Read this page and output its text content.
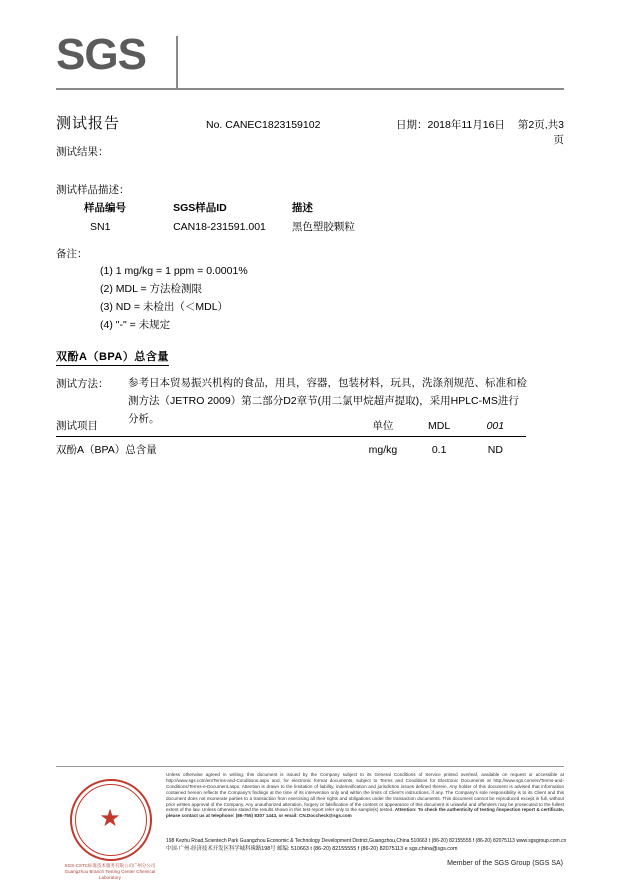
SGS
测试报告	No. CANEC1823159102	日期：2018年11月16日	第2页,共3页
测试结果：
测试样品描述：
样品编号	SGS样品ID	描述
SN1	CAN18-231591.001	黑色塑胶颗粒
备注：
(1) 1 mg/kg = 1 ppm = 0.0001%
(2) MDL = 方法检测限
(3) ND = 未检出（＜MDL）
(4) "-" = 未规定
双酚A（BPA）总含量
测试方法： 参考日本贸易振兴机构的食品，用具，容器，包装材料，玩具，洗涤剂规范、标准和检测方法（JETRO 2009）第二部分D2章节(用二氯甲烷超声提取)，采用HPLC-MS进行分析。
测试项目	单位	MDL	001
双酚A（BPA）总含量	mg/kg	0.1	ND
★
SGS-CSTC标准技术服务有限公司广州分公司
Guangzhou Branch Testing Center Chemical Laboratory
Unless otherwise agreed in writing, this document is issued by the Company subject to its General Conditions of Service printed overleaf, available on request or accessible at http://www.sgs.com/en/Terms-and-Conditions.aspx and, for electronic format documents, subject to Terms and Conditions for Electronic Documents at http://www.sgs.com/en/Terms-and-Conditions/Terms-e-Document.aspx. Attention is drawn to the limitation of liability, indemnification and jurisdiction issues defined therein. Any holder of this document is advised that information contained hereon reflects the Company's findings at the time of its intervention only and within the limits of Client's instructions, if any. The Company's sole responsibility is to its Client and this document does not exonerate parties to a transaction from exercising all their rights and obligations under the transaction documents. This document cannot be reproduced except in full, without prior written approval of the Company. Any unauthorized alteration, forgery or falsification of the content or appearance of this document is unlawful and offenders may be prosecuted to the fullest extent of the law. Unless otherwise stated the results shown in this test report refer only to the sample(s) tested. Attention: To check the authenticity of testing /inspection report & certificate, please contact us at telephone: (86-755) 8307 1443, or email: CN.Doccheck@sgs.com
198 Kezhu Road,Scientech Park Guangzhou Economic & Technology Development District,Guangzhou,China 510663 t (86-20) 82155555 f (86-20) 82075113 www.sgsgroup.com.cn
中国·广州·经济技术开发区科学城科珠路198号 邮编: 510663 t (86-20) 82155555 f (86-20) 82075113 e sgs.china@sgs.com
Member of the SGS Group (SGS SA)
